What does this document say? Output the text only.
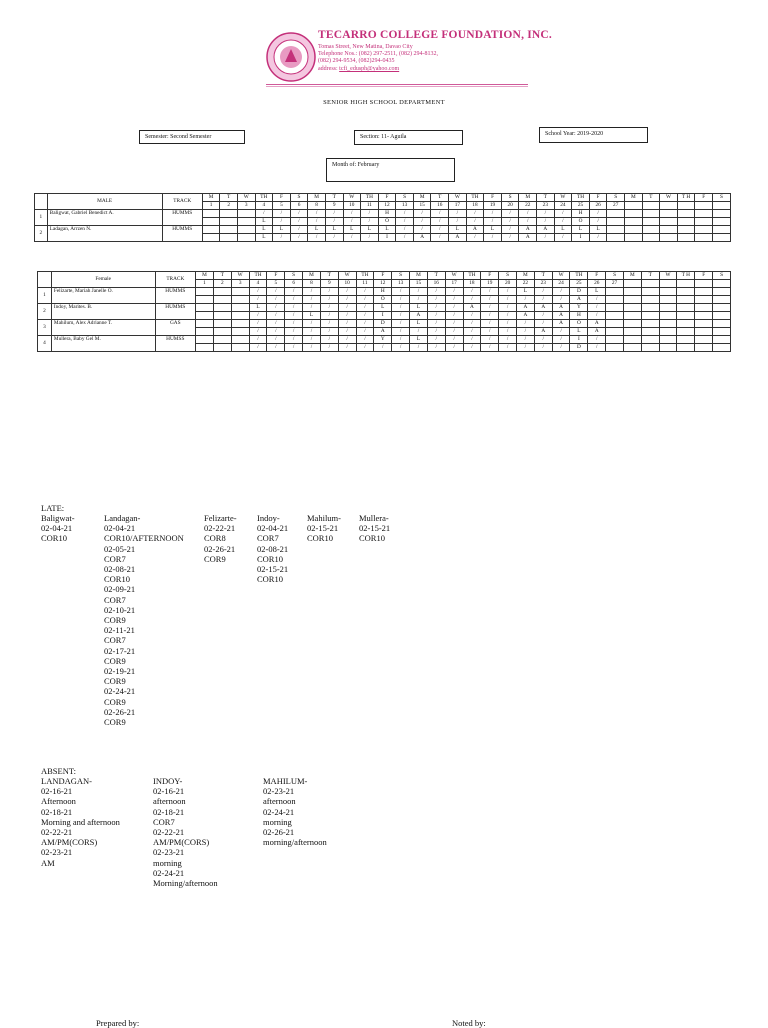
TECARRO COLLEGE FOUNDATION, INC.
Tomas Street, New Matina, Davao City
Telephone Nos.: (082) 297-2511, (082) 294-8132,
(082) 294-9534, (082)294-0435
address: tcfi_edusph@yahoo.com
SENIOR HIGH SCHOOL DEPARTMENT
Semester: Second Semester	Section: 11- Aguila	School Year: 2019-2020
Month of: February
	MALE	TRACK	M	T	W	TH	F	S	M	T	W	TH	F	S	M	T	W	TH	F	S	M	T	W	TH	F	S	M	T	W	T H	F	S
			1	2	3	4	5	6	8	9	10	11	12	13	15	16	17	18	19	20	22	23	24	25	26	27						
1	Baligwat, Gabriel Benedict A.	HUMMS				/	/	/	/	/	/	/	H	/	/	/	/	/	/	/	/	/	/	H	/							
						L	/	/	/	/	/	/	O	/	/	/	/	/	/	/	/	/	/	O	/							
2	Ladagan, Arrzen N.	HUMMS				L	L	/	L	L	L	L	L	/	/	/	L	A	L	/	A	A	L	L	L							
						L	/	/	/	/	/	/	I	/	A	/	A	/	/	/	A	/	/	I	/							
	Female	TRACK	M	T	W	TH	F	S	M	T	W	TH	F	S	M	T	W	TH	F	S	M	T	W	TH	F	S	M	T	W	T H	F	S
			1	2	3	4	5	6	8	9	10	11	12	13	15	16	17	18	19	20	22	23	24	25	26	27						
1	Felizarte, Mariah Janelle O.	HUMMS				/	/	/	/	/	/	/	H	/	/	/	/	/	/	/	L	/	/	D	L							
						/	/	/	/	/	/	/	O	/	/	/	/	/	/	/	/	/	/	A	/							
2	Indoy, Marites. B.	HUMMS				L	/	/	/	/	/	/	L	/	L	/	/	A	/	/	A	A	A	Y	/							
						/	/	/	L	/	/	/	I	/	A	/	/	/	/	/	A	/	A	H	/							
3	Mahilum, Alex Adrianne T.	GAS				/	/	/	/	/	/	/	D	/	L	/	/	/	/	/	/	/	A	O	A							
						/	/	/	/	/	/	/	A	/	/	/	/	/	/	/	/	A	/	L	A							
4	Mullera, Baby Gel M.	HUMSS				/	/	/	/	/	/	/	Y	/	L	/	/	/	/	/	/	/	/	I	/							
						/	/	/	/	/	/	/	/	/	/	/	/	/	/	/	/	/	/	D	/							
LATE:
Baligwat-
02-04-21
COR10
Landagan-
02-04-21
COR10/AFTERNOON
02-05-21
COR7
02-08-21
COR10
02-09-21
COR7
02-10-21
COR9
02-11-21
COR7
02-17-21
COR9
02-19-21
COR9
02-24-21
COR9
02-26-21
COR9
Felizarte-
02-22-21
COR8
02-26-21
COR9
Indoy-
02-04-21
COR7
02-08-21
COR10
02-15-21
COR10
Mahilum-
02-15-21
COR10
Mullera-
02-15-21
COR10
ABSENT:
LANDAGAN-
02-16-21
Afternoon
02-18-21
Morning and afternoon
02-22-21
AM/PM(CORS)
02-23-21
AM
INDOY-
02-16-21
afternoon
02-18-21
COR7
02-22-21
AM/PM(CORS)
02-23-21
morning
02-24-21
Morning/afternoon
MAHILUM-
02-23-21
afternoon
02-24-21
morning
02-26-21
morning/afternoon
Prepared by:	Noted by:
